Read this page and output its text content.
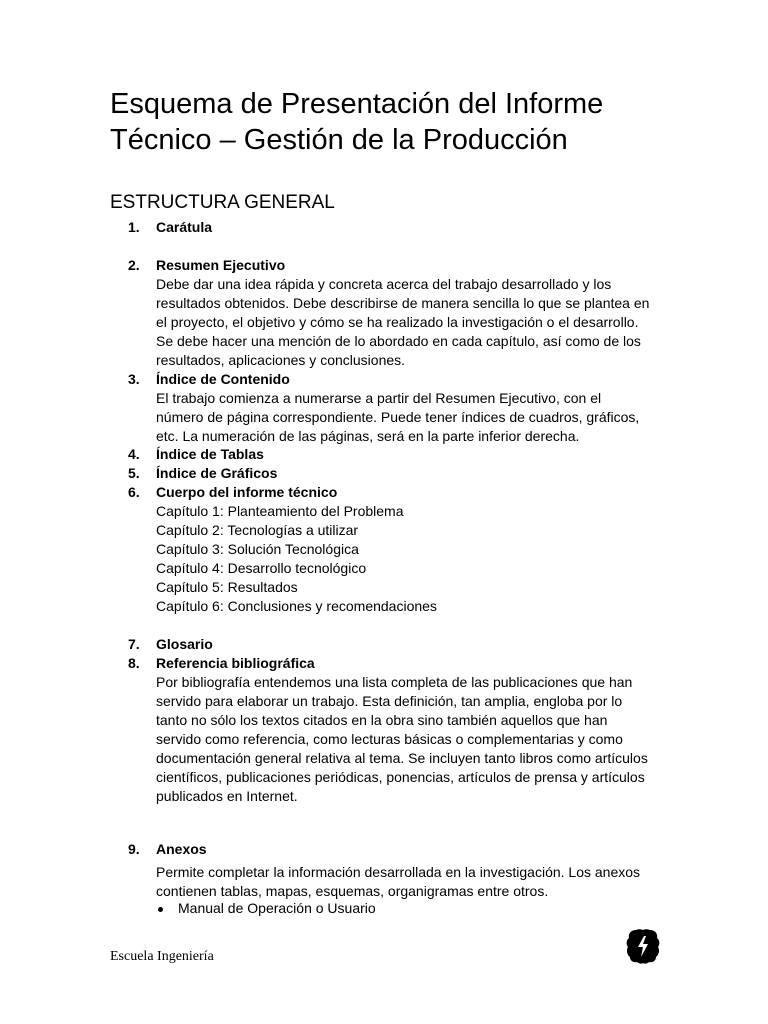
Esquema de Presentación del Informe
Técnico – Gestión de la Producción
ESTRUCTURA GENERAL
1.	Carátula
2.	Resumen Ejecutivo
Debe dar una idea rápida y concreta acerca del trabajo desarrollado y los
resultados obtenidos. Debe describirse de manera sencilla lo que se plantea en
el proyecto, el objetivo y cómo se ha realizado la investigación o el desarrollo.
Se debe hacer una mención de lo abordado en cada capítulo, así como de los
resultados, aplicaciones y conclusiones.
3.	Índice de Contenido
El trabajo comienza a numerarse a partir del Resumen Ejecutivo, con el
número de página correspondiente. Puede tener índices de cuadros, gráficos,
etc. La numeración de las páginas, será en la parte inferior derecha.
4.	Índice de Tablas
5.	Índice de Gráficos
6.	Cuerpo del informe técnico
Capítulo 1: Planteamiento del Problema
Capítulo 2: Tecnologías a utilizar
Capítulo 3: Solución Tecnológica
Capítulo 4: Desarrollo tecnológico
Capítulo 5: Resultados
Capítulo 6: Conclusiones y recomendaciones
7.	Glosario
8.	Referencia bibliográfica
Por bibliografía entendemos una lista completa de las publicaciones que han
servido para elaborar un trabajo. Esta definición, tan amplia, engloba por lo
tanto no sólo los textos citados en la obra sino también aquellos que han
servido como referencia, como lecturas básicas o complementarias y como
documentación general relativa al tema. Se incluyen tanto libros como artículos
científicos, publicaciones periódicas, ponencias, artículos de prensa y artículos
publicados en Internet.
9.	Anexos
Permite completar la información desarrollada en la investigación. Los anexos
contienen tablas, mapas, esquemas, organigramas entre otros.
Manual de Operación o Usuario
Escuela Ingeniería
